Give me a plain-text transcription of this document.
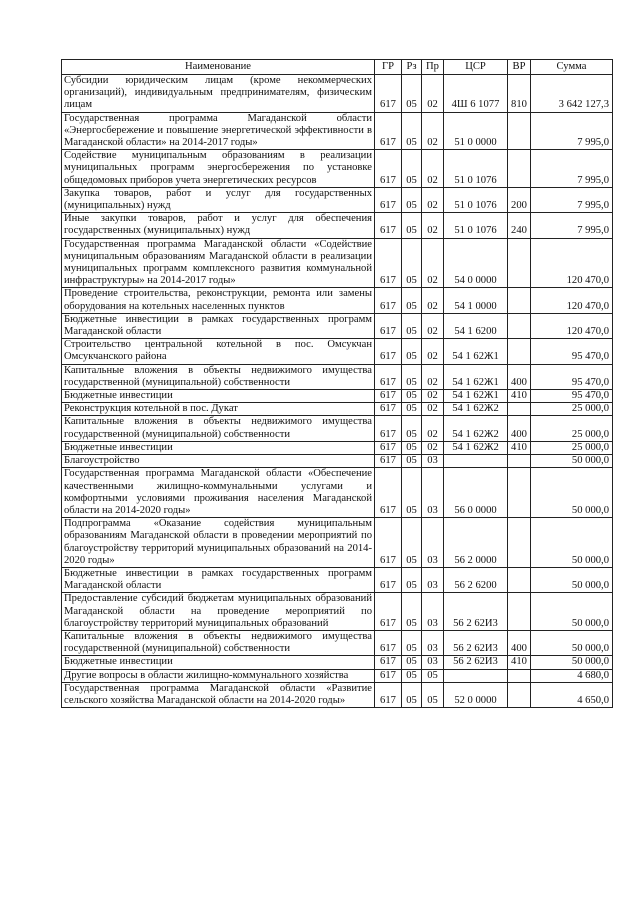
Наименование	ГР	Рз	Пр	ЦСР	ВР	Сумма
Субсидии юридическим лицам (кроме некоммерческих организаций), индивидуальным предпринимателям, физическим лицам	617	05	02	4Ш 6 1077	810	3 642 127,3
Государственная программа Магаданской области «Энергосбережение и повышение энергетической эффективности в Магаданской области» на 2014-2017 годы»	617	05	02	51 0 0000		7 995,0
Содействие муниципальным образованиям в реализации муниципальных программ энергосбережения по установке общедомовых приборов учета энергетических ресурсов	617	05	02	51 0 1076		7 995,0
Закупка товаров, работ и услуг для государственных (муниципальных) нужд	617	05	02	51 0 1076	200	7 995,0
Иные закупки товаров, работ и услуг для обеспечения государственных (муниципальных) нужд	617	05	02	51 0 1076	240	7 995,0
Государственная программа Магаданской области «Содействие муниципальным образованиям Магаданской области в реализации муниципальных программ комплексного развития коммунальной инфраструктуры» на 2014-2017 годы»	617	05	02	54 0 0000		120 470,0
Проведение строительства, реконструкции, ремонта или замены оборудования на котельных населенных пунктов	617	05	02	54 1 0000		120 470,0
Бюджетные инвестиции в рамках государственных программ Магаданской области	617	05	02	54 1 6200		120 470,0
Строительство центральной котельной в пос. Омсукчан Омсукчанского района	617	05	02	54 1 62Ж1		95 470,0
Капитальные вложения в объекты недвижимого имущества государственной (муниципальной) собственности	617	05	02	54 1 62Ж1	400	95 470,0
Бюджетные инвестиции	617	05	02	54 1 62Ж1	410	95 470,0
Реконструкция котельной в пос. Дукат	617	05	02	54 1 62Ж2		25 000,0
Капитальные вложения в объекты недвижимого имущества государственной (муниципальной) собственности	617	05	02	54 1 62Ж2	400	25 000,0
Бюджетные инвестиции	617	05	02	54 1 62Ж2	410	25 000,0
Благоустройство	617	05	03			50 000,0
Государственная программа Магаданской области «Обеспечение качественными жилищно-коммунальными услугами и комфортными условиями проживания населения Магаданской области на 2014-2020 годы»	617	05	03	56 0 0000		50 000,0
Подпрограмма «Оказание содействия муниципальным образованиям Магаданской области в проведении мероприятий по благоустройству территорий муниципальных образований на 2014-2020 годы»	617	05	03	56 2 0000		50 000,0
Бюджетные инвестиции в рамках государственных программ Магаданской области	617	05	03	56 2 6200		50 000,0
Предоставление субсидий бюджетам муниципальных образований Магаданской области на проведение мероприятий по благоустройству территорий муниципальных образований	617	05	03	56 2 62И3		50 000,0
Капитальные вложения в объекты недвижимого имущества государственной (муниципальной) собственности	617	05	03	56 2 62И3	400	50 000,0
Бюджетные инвестиции	617	05	03	56 2 62И3	410	50 000,0
Другие вопросы в области жилищно-коммунального хозяйства	617	05	05			4 680,0
Государственная программа Магаданской области «Развитие сельского хозяйства Магаданской области на 2014-2020 годы»	617	05	05	52 0 0000		4 650,0
